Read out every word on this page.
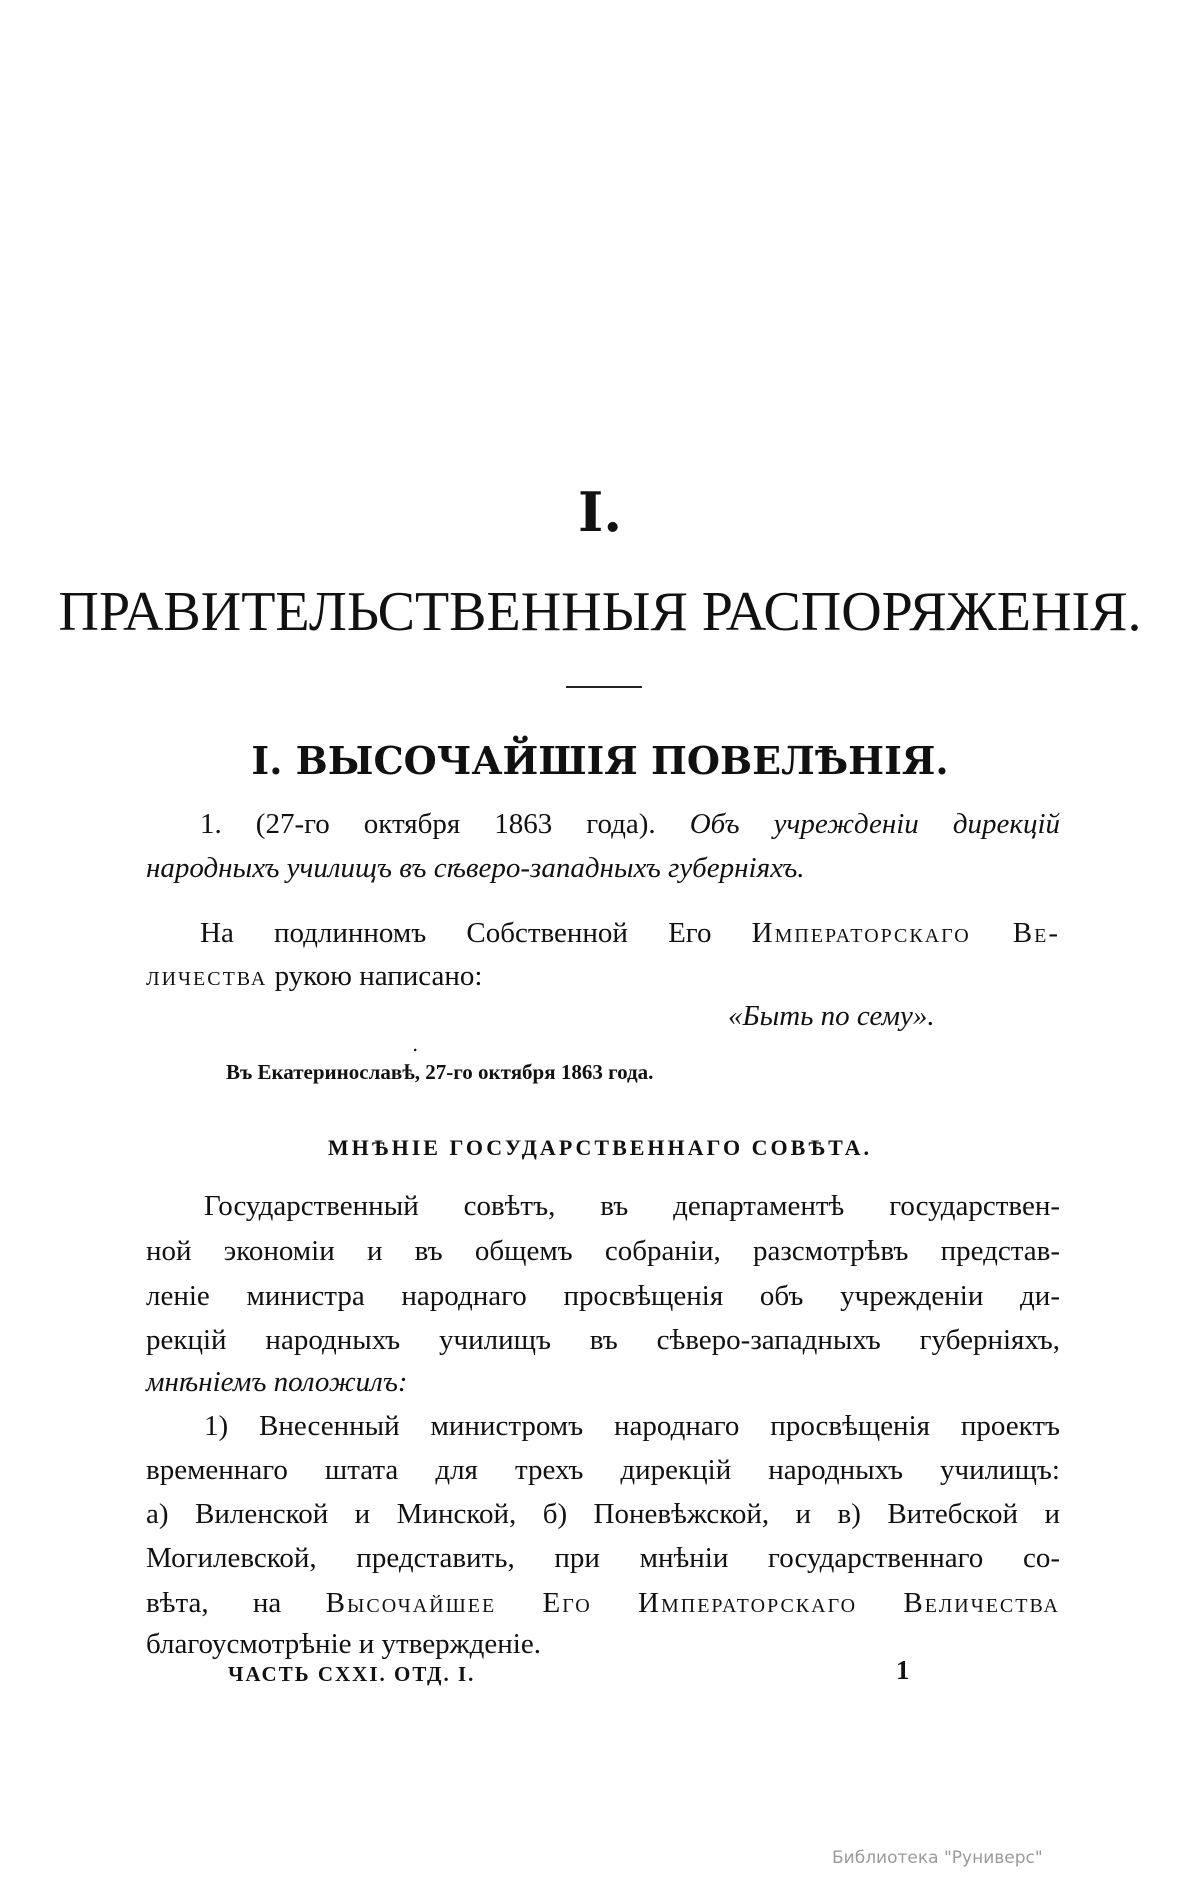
I.
ПРАВИТЕЛЬСТВЕННЫЯ РАСПОРЯЖЕНІЯ.
I. ВЫСОЧАЙШІЯ ПОВЕЛѢНІЯ.
1. (27-го октября 1863 года). Объ учрежденіи дирекцій
народныхъ училищъ въ сѣверо-западныхъ губерніяхъ.
На подлинномъ Собственной Его Императорскаго Ве-
личества рукою написано:
«Быть по сему».
.
Въ Екатеринославѣ, 27-го октября 1863 года.
МНѢНІЕ ГОСУДАРСТВЕННАГО СОВѢТА.
Государственный совѣтъ, въ департаментѣ государствен-
ной экономіи и въ общемъ собраніи, разсмотрѣвъ представ-
леніе министра народнаго просвѣщенія объ учрежденіи ди-
рекцій народныхъ училищъ въ сѣверо-западныхъ губерніяхъ,
мнѣніемъ положилъ:
1) Внесенный министромъ народнаго просвѣщенія проектъ
временнаго штата для трехъ дирекцій народныхъ училищъ:
а) Виленской и Минской, б) Поневѣжской, и в) Витебской и
Могилевской, представить, при мнѣніи государственнаго со-
вѣта, на Высочайшее Его Императорскаго Величества
благоусмотрѣніе и утвержденіе.
ЧАСТЬ CXXI. ОТД. I.	1
Библиотека "Руниверс"
